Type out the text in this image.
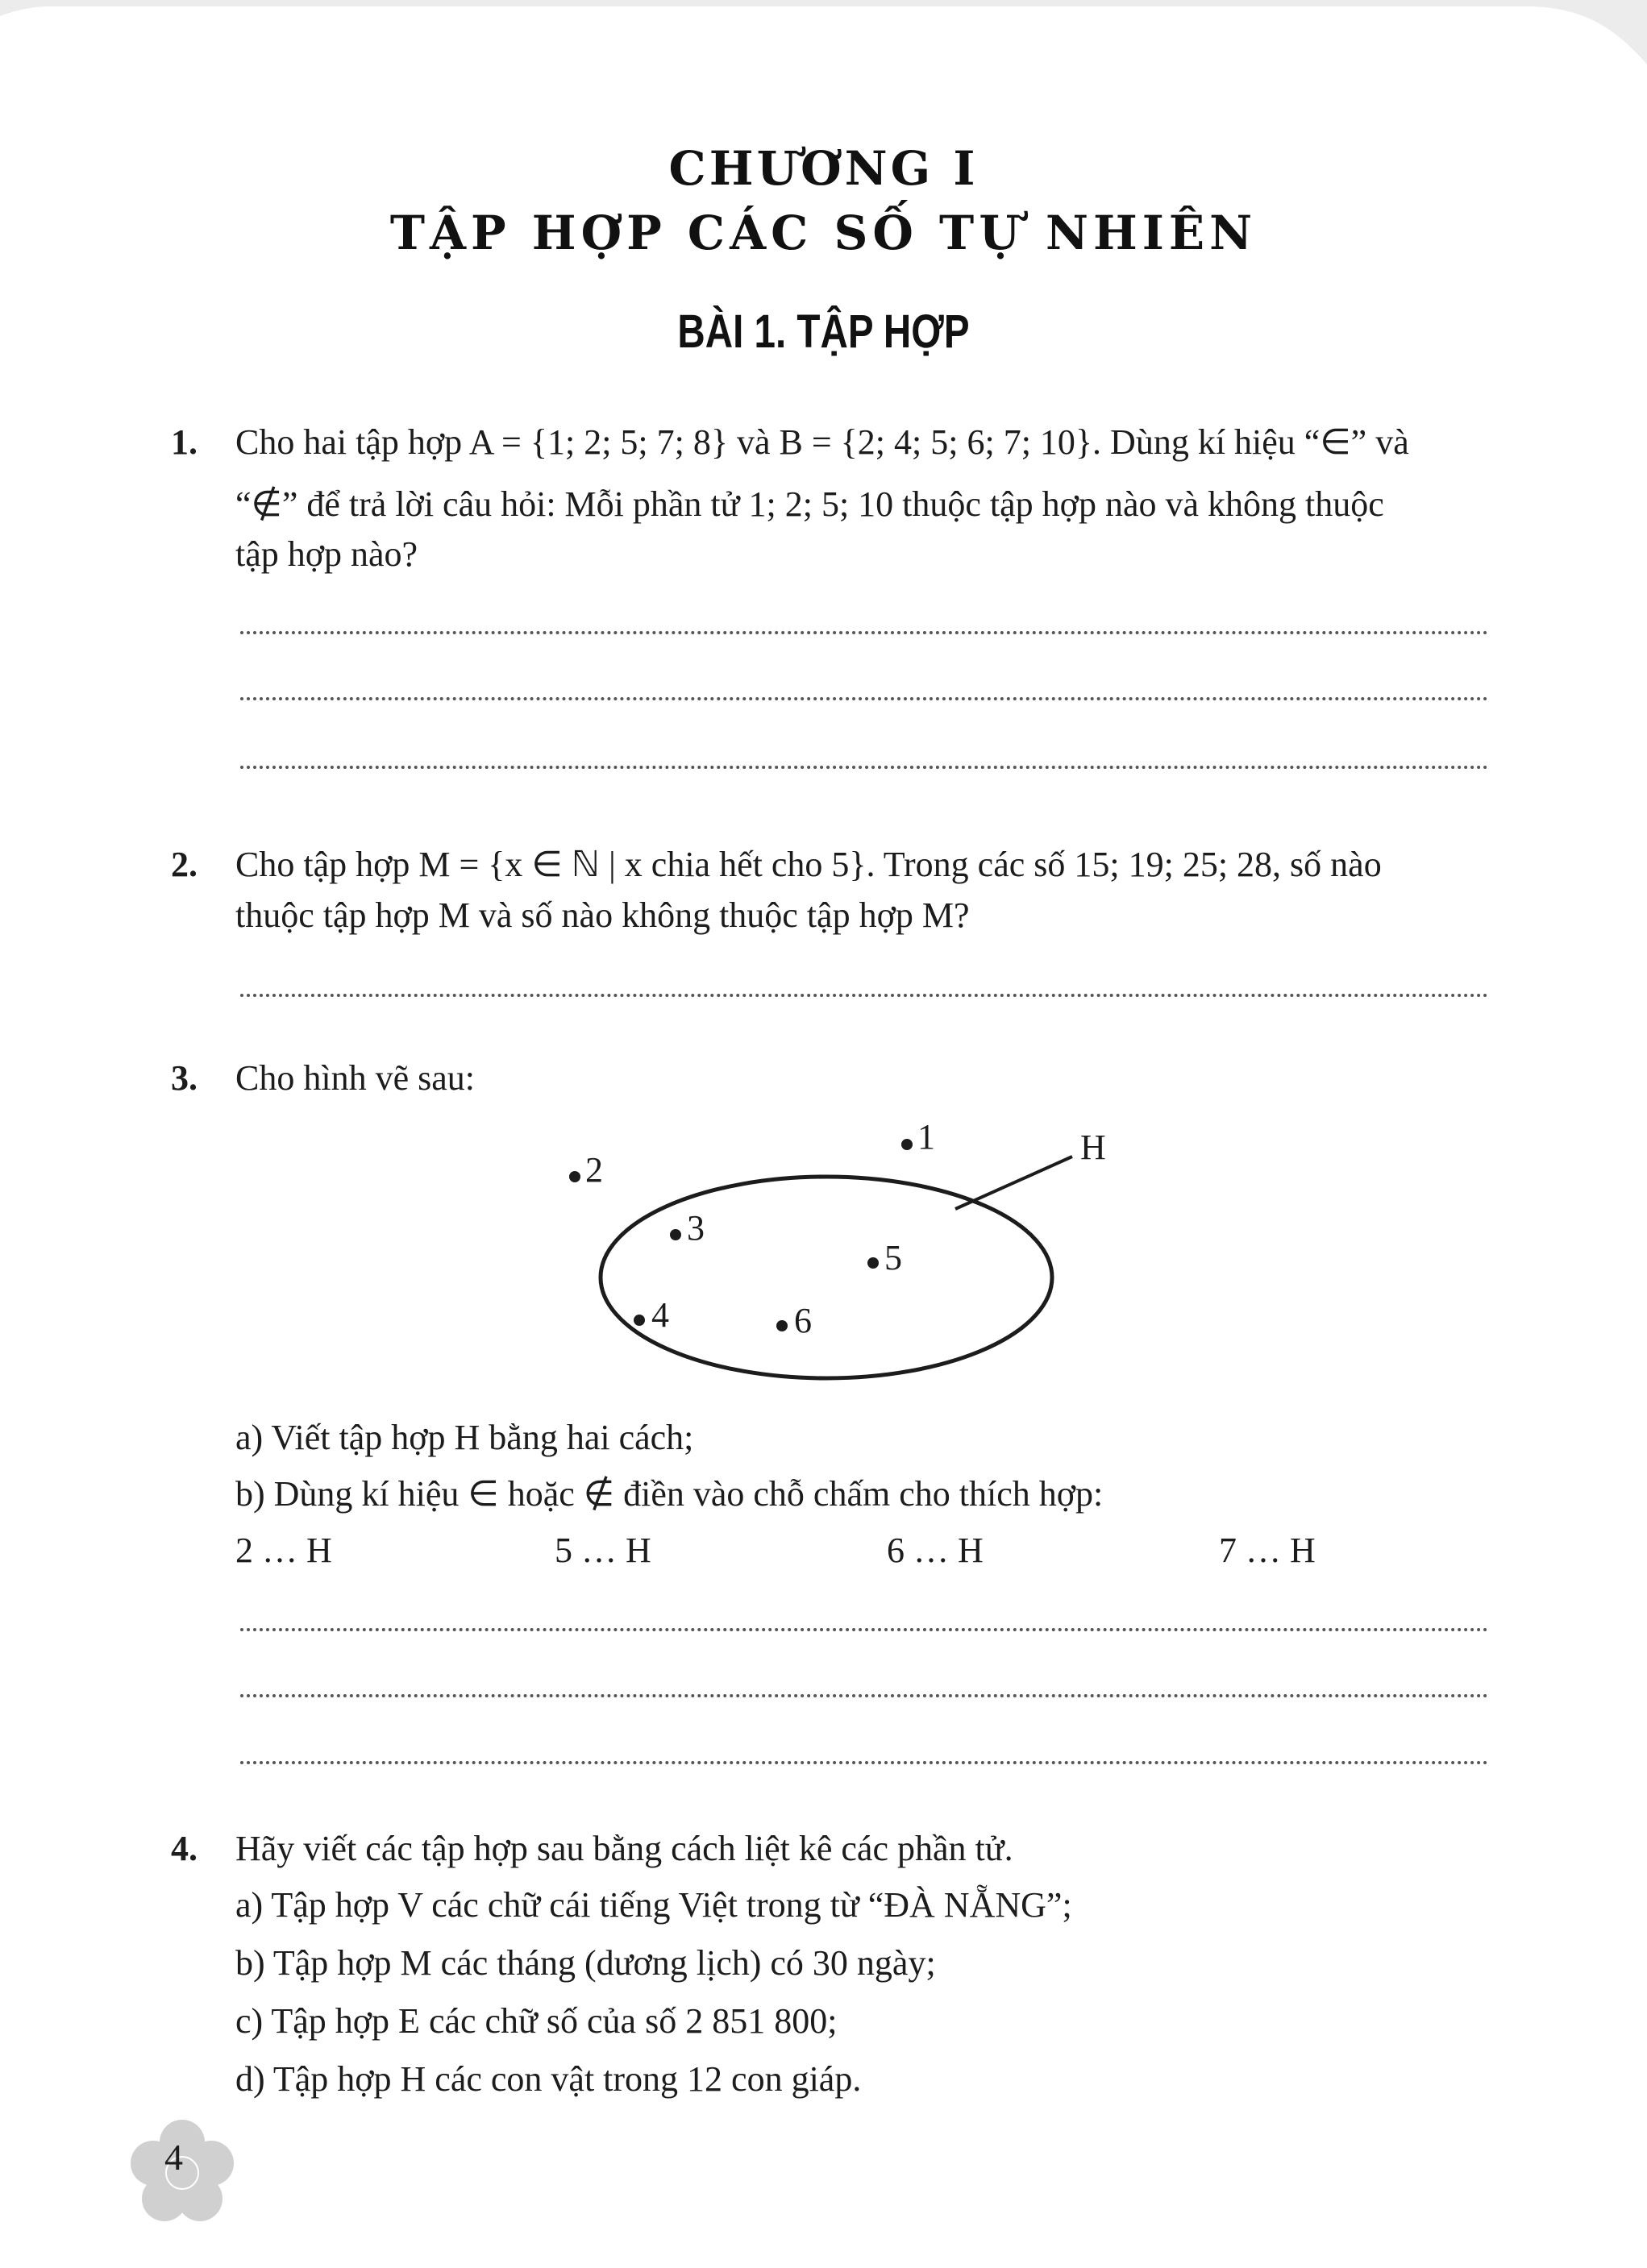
CHƯƠNG I
TẬP HỢP CÁC SỐ TỰ NHIÊN
BÀI 1. TẬP HỢP
1. Cho hai tập hợp A = {1; 2; 5; 7; 8} và B = {2; 4; 5; 6; 7; 10}. Dùng kí hiệu “∈” và
“∉” để trả lời câu hỏi: Mỗi phần tử 1; 2; 5; 10 thuộc tập hợp nào và không thuộc
tập hợp nào?
2. Cho tập hợp M = {x ∈ ℕ | x chia hết cho 5}. Trong các số 15; 19; 25; 28, số nào
thuộc tập hợp M và số nào không thuộc tập hợp M?
3. Cho hình vẽ sau:
H
1
2
3
4
5
6
a) Viết tập hợp H bằng hai cách;
b) Dùng kí hiệu ∈ hoặc ∉ điền vào chỗ chấm cho thích hợp:
2 … H	5 … H	6 … H	7 … H
4. Hãy viết các tập hợp sau bằng cách liệt kê các phần tử.
a) Tập hợp V các chữ cái tiếng Việt trong từ “ĐÀ NẴNG”;
b) Tập hợp M các tháng (dương lịch) có 30 ngày;
c) Tập hợp E các chữ số của số 2 851 800;
d) Tập hợp H các con vật trong 12 con giáp.
4
